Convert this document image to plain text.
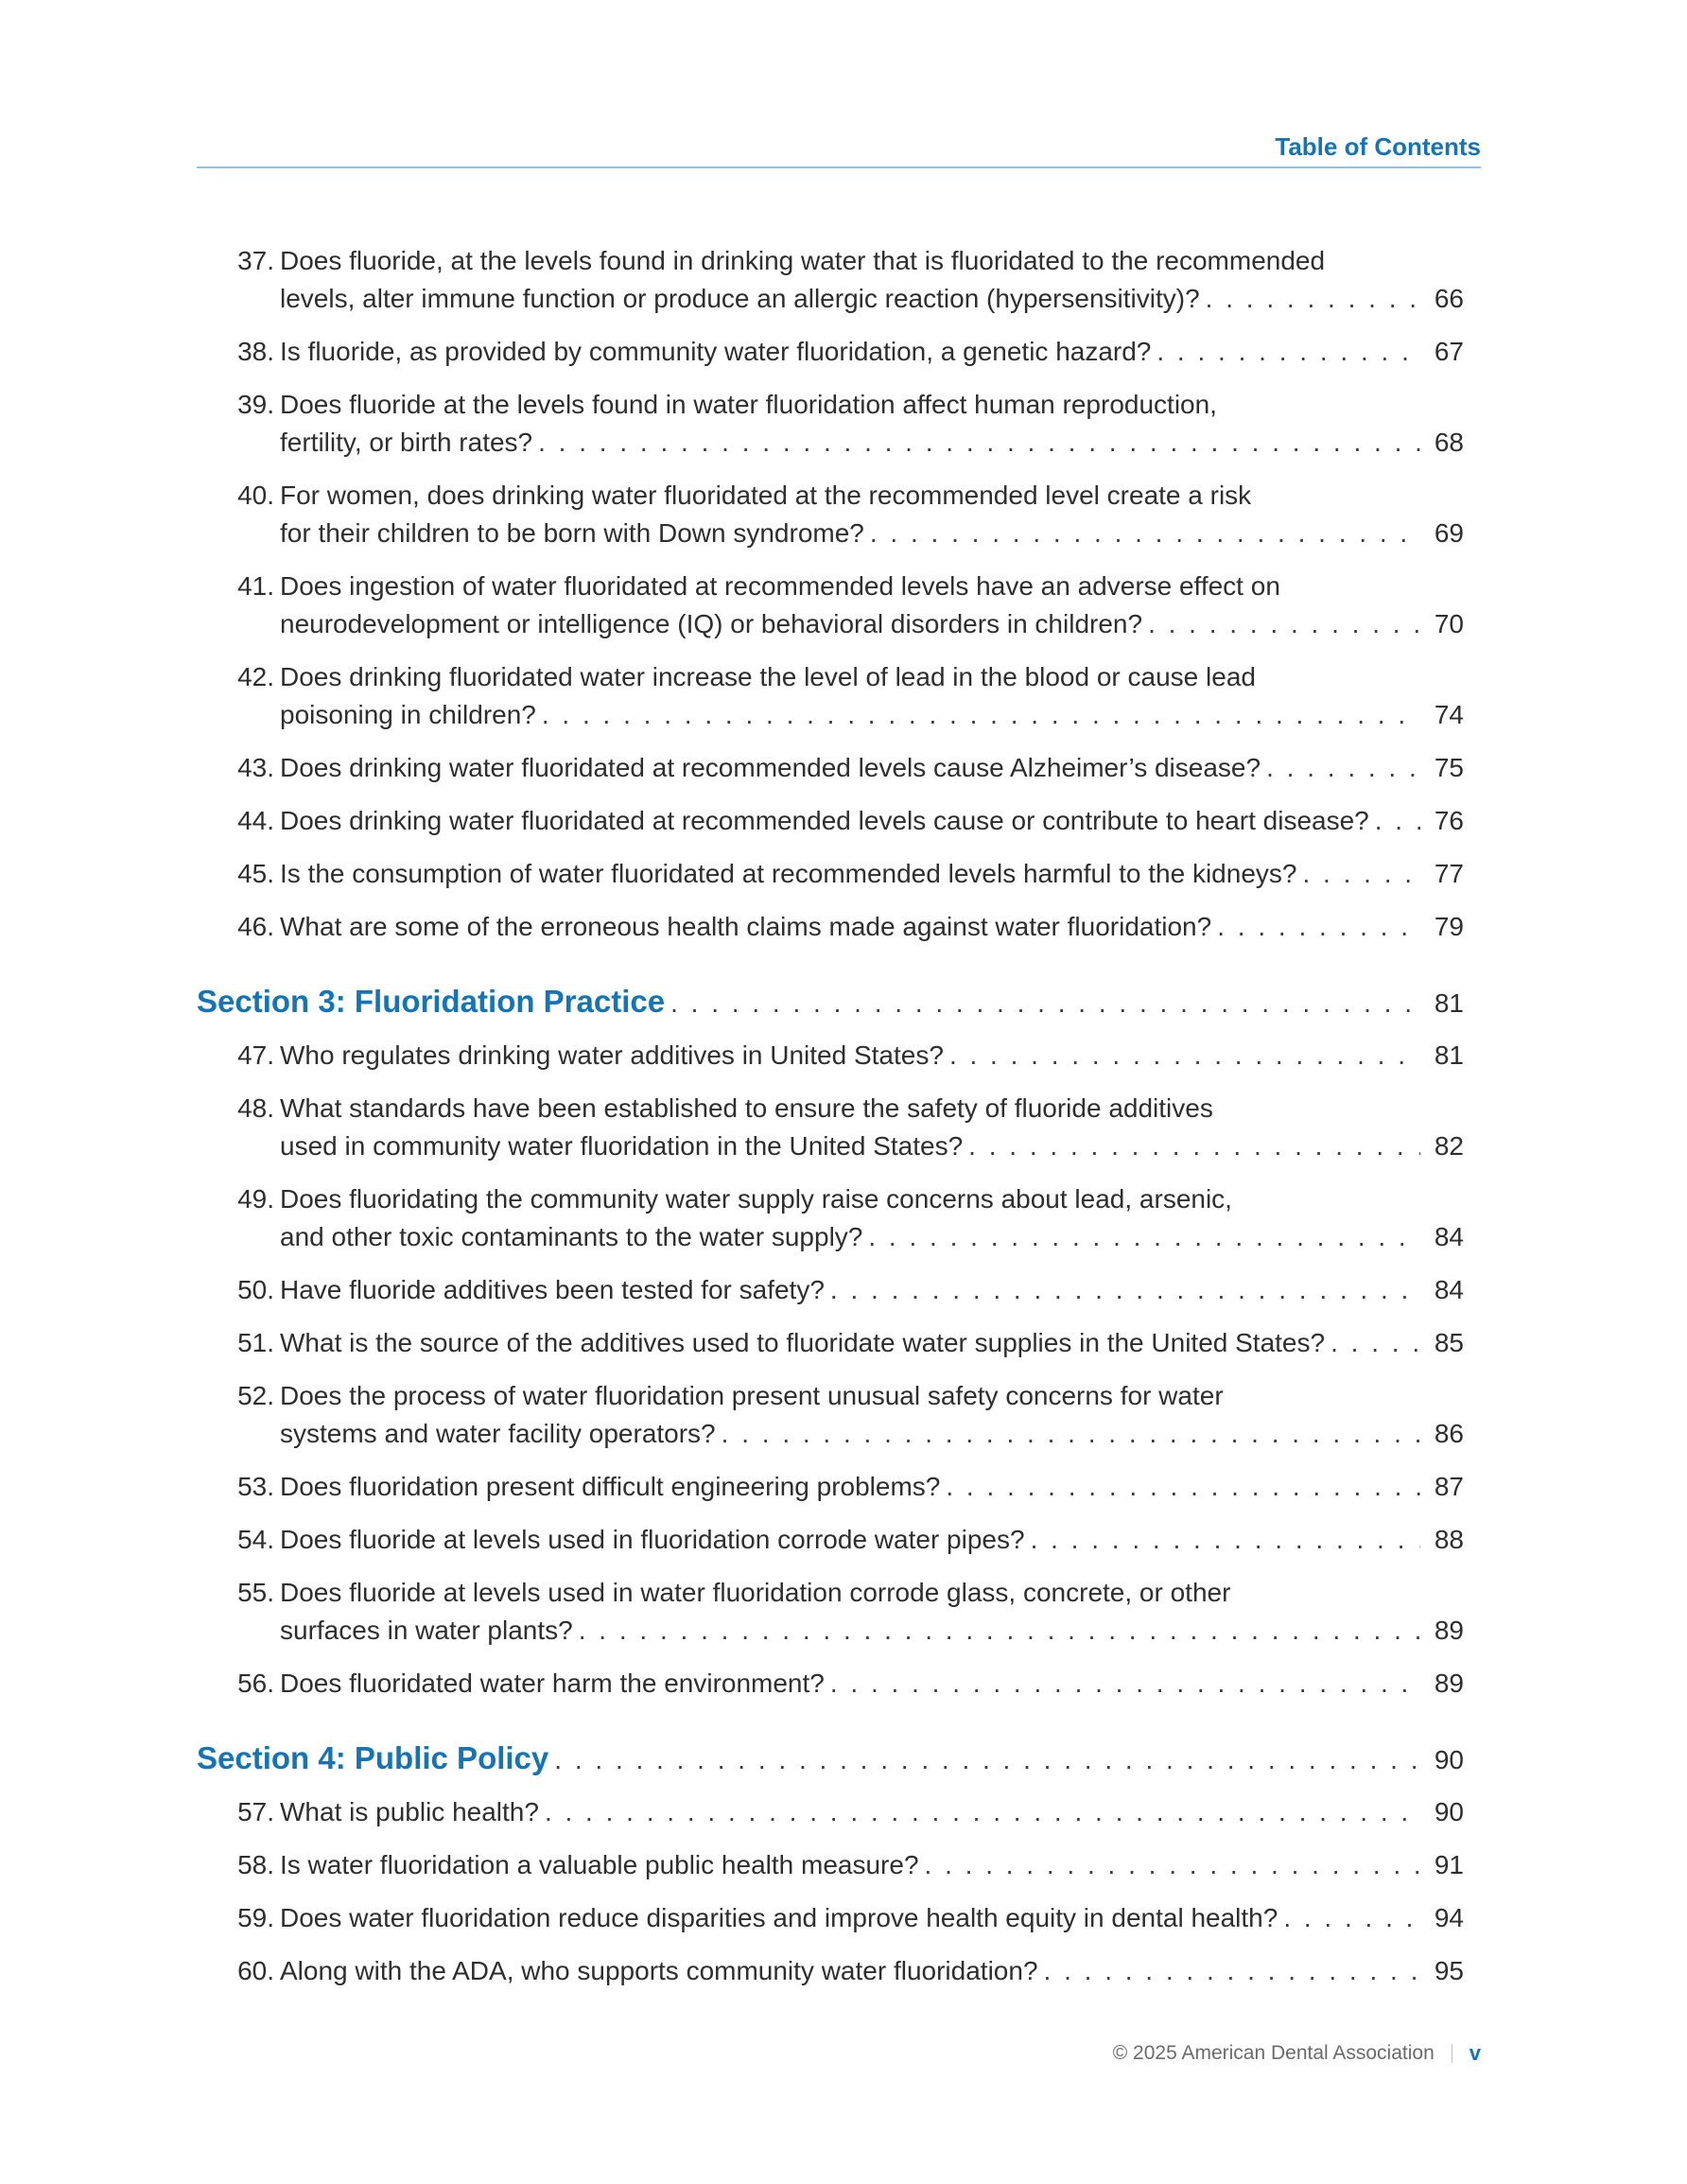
Table of Contents
37. Does fluoride, at the levels found in drinking water that is fluoridated to the recommended
levels, alter immune function or produce an allergic reaction (hypersensitivity)? . . .	66
38. Is fluoride, as provided by community water fluoridation, a genetic hazard? . . .	67
39. Does fluoride at the levels found in water fluoridation affect human reproduction,
fertility, or birth rates? . . .	68
40. For women, does drinking water fluoridated at the recommended level create a risk
for their children to be born with Down syndrome? . . .	69
41. Does ingestion of water fluoridated at recommended levels have an adverse effect on
neurodevelopment or intelligence (IQ) or behavioral disorders in children? . . .	70
42. Does drinking fluoridated water increase the level of lead in the blood or cause lead
poisoning in children? . . .	74
43. Does drinking water fluoridated at recommended levels cause Alzheimer’s disease? . . .	75
44. Does drinking water fluoridated at recommended levels cause or contribute to heart disease? . . .	76
45. Is the consumption of water fluoridated at recommended levels harmful to the kidneys? . . .	77
46. What are some of the erroneous health claims made against water fluoridation? . . .	79
Section 3: Fluoridation Practice . . .	81
47. Who regulates drinking water additives in United States? . . .	81
48. What standards have been established to ensure the safety of fluoride additives
used in community water fluoridation in the United States? . . .	82
49. Does fluoridating the community water supply raise concerns about lead, arsenic,
and other toxic contaminants to the water supply? . . .	84
50. Have fluoride additives been tested for safety? . . .	84
51. What is the source of the additives used to fluoridate water supplies in the United States? . . .	85
52. Does the process of water fluoridation present unusual safety concerns for water
systems and water facility operators? . . .	86
53. Does fluoridation present difficult engineering problems? . . .	87
54. Does fluoride at levels used in fluoridation corrode water pipes? . . .	88
55. Does fluoride at levels used in water fluoridation corrode glass, concrete, or other
surfaces in water plants? . . .	89
56. Does fluoridated water harm the environment? . . .	89
Section 4: Public Policy . . .	90
57. What is public health? . . .	90
58. Is water fluoridation a valuable public health measure? . . .	91
59. Does water fluoridation reduce disparities and improve health equity in dental health? . . .	94
60. Along with the ADA, who supports community water fluoridation? . . .	95
© 2025 American Dental Association v
